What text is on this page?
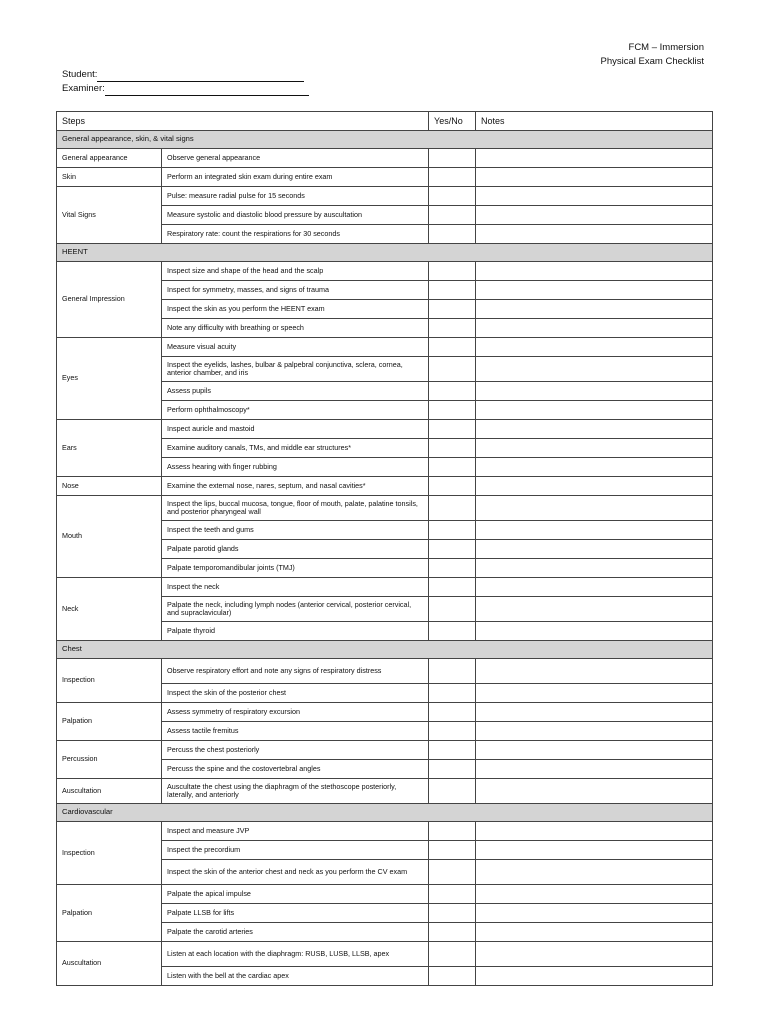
FCM – Immersion
Physical Exam Checklist
Student:
Examiner:
Steps		Yes/No	Notes
General appearance, skin, & vital signs			
General appearance	Observe general appearance		
Skin	Perform an integrated skin exam during entire exam		
Vital Signs	Pulse: measure radial pulse for 15 seconds		
	Measure systolic and diastolic blood pressure by auscultation		
	Respiratory rate: count the respirations for 30 seconds		
HEENT			
General Impression	Inspect size and shape of the head and the scalp		
	Inspect for symmetry, masses, and signs of trauma		
	Inspect the skin as you perform the HEENT exam		
	Note any difficulty with breathing or speech		
Eyes	Measure visual acuity		
	Inspect the eyelids, lashes, bulbar & palpebral conjunctiva, sclera, cornea, anterior chamber, and iris		
	Assess pupils		
	Perform ophthalmoscopy*		
Ears	Inspect auricle and mastoid		
	Examine auditory canals, TMs, and middle ear structures*		
	Assess hearing with finger rubbing		
Nose	Examine the external nose, nares, septum, and nasal cavities*		
Mouth	Inspect the lips, buccal mucosa, tongue, floor of mouth, palate, palatine tonsils, and posterior pharyngeal wall		
	Inspect the teeth and gums		
	Palpate parotid glands		
	Palpate temporomandibular joints (TMJ)		
Neck	Inspect the neck		
	Palpate the neck, including lymph nodes (anterior cervical, posterior cervical, and supraclavicular)		
	Palpate thyroid		
Chest			
Inspection	Observe respiratory effort and note any signs of respiratory distress		
	Inspect the skin of the posterior chest		
Palpation	Assess symmetry of respiratory excursion		
	Assess tactile fremitus		
Percussion	Percuss the chest posteriorly		
	Percuss the spine and the costovertebral angles		
Auscultation	Auscultate the chest using the diaphragm of the stethoscope posteriorly, laterally, and anteriorly		
Cardiovascular			
Inspection	Inspect and measure JVP		
	Inspect the precordium		
	Inspect the skin of the anterior chest and neck as you perform the CV exam		
Palpation	Palpate the apical impulse		
	Palpate LLSB for lifts		
	Palpate the carotid arteries		
Auscultation	Listen at each location with the diaphragm: RUSB, LUSB, LLSB, apex		
	Listen with the bell at the cardiac apex		
